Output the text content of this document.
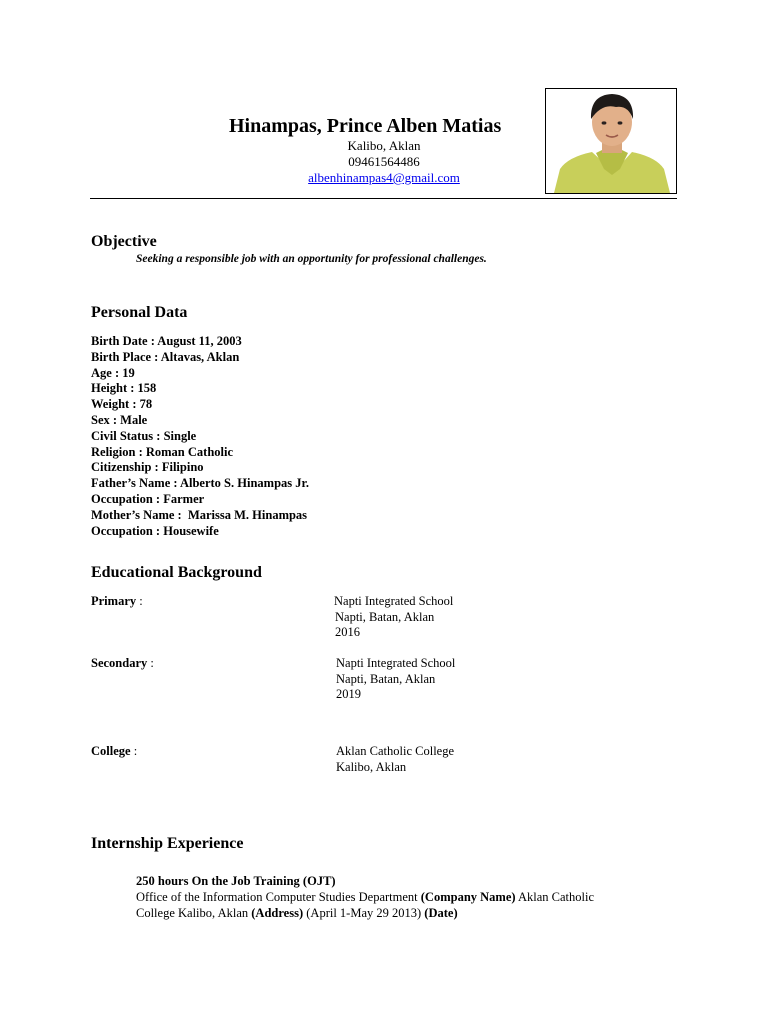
Hinampas, Prince Alben Matias
Kalibo, Aklan
09461564486
albenhinampas4@gmail.com
Objective
Seeking a responsible job with an opportunity for professional challenges.
Personal Data
Birth Date : August 11, 2003
Birth Place : Altavas, Aklan
Age : 19
Height : 158
Weight : 78
Sex : Male
Civil Status : Single
Religion : Roman Catholic
Citizenship : Filipino
Father’s Name : Alberto S. Hinampas Jr.
Occupation : Farmer
Mother’s Name :  Marissa M. Hinampas
Occupation : Housewife
Educational Background
Primary :	Napti Integrated School
Napti, Batan, Aklan
2016
Secondary :	Napti Integrated School
Napti, Batan, Aklan
2019
College :	Aklan Catholic College
Kalibo, Aklan
Internship Experience
250 hours On the Job Training (OJT)
Office of the Information Computer Studies Department (Company Name) Aklan Catholic College Kalibo, Aklan (Address) (April 1-May 29 2013) (Date)
